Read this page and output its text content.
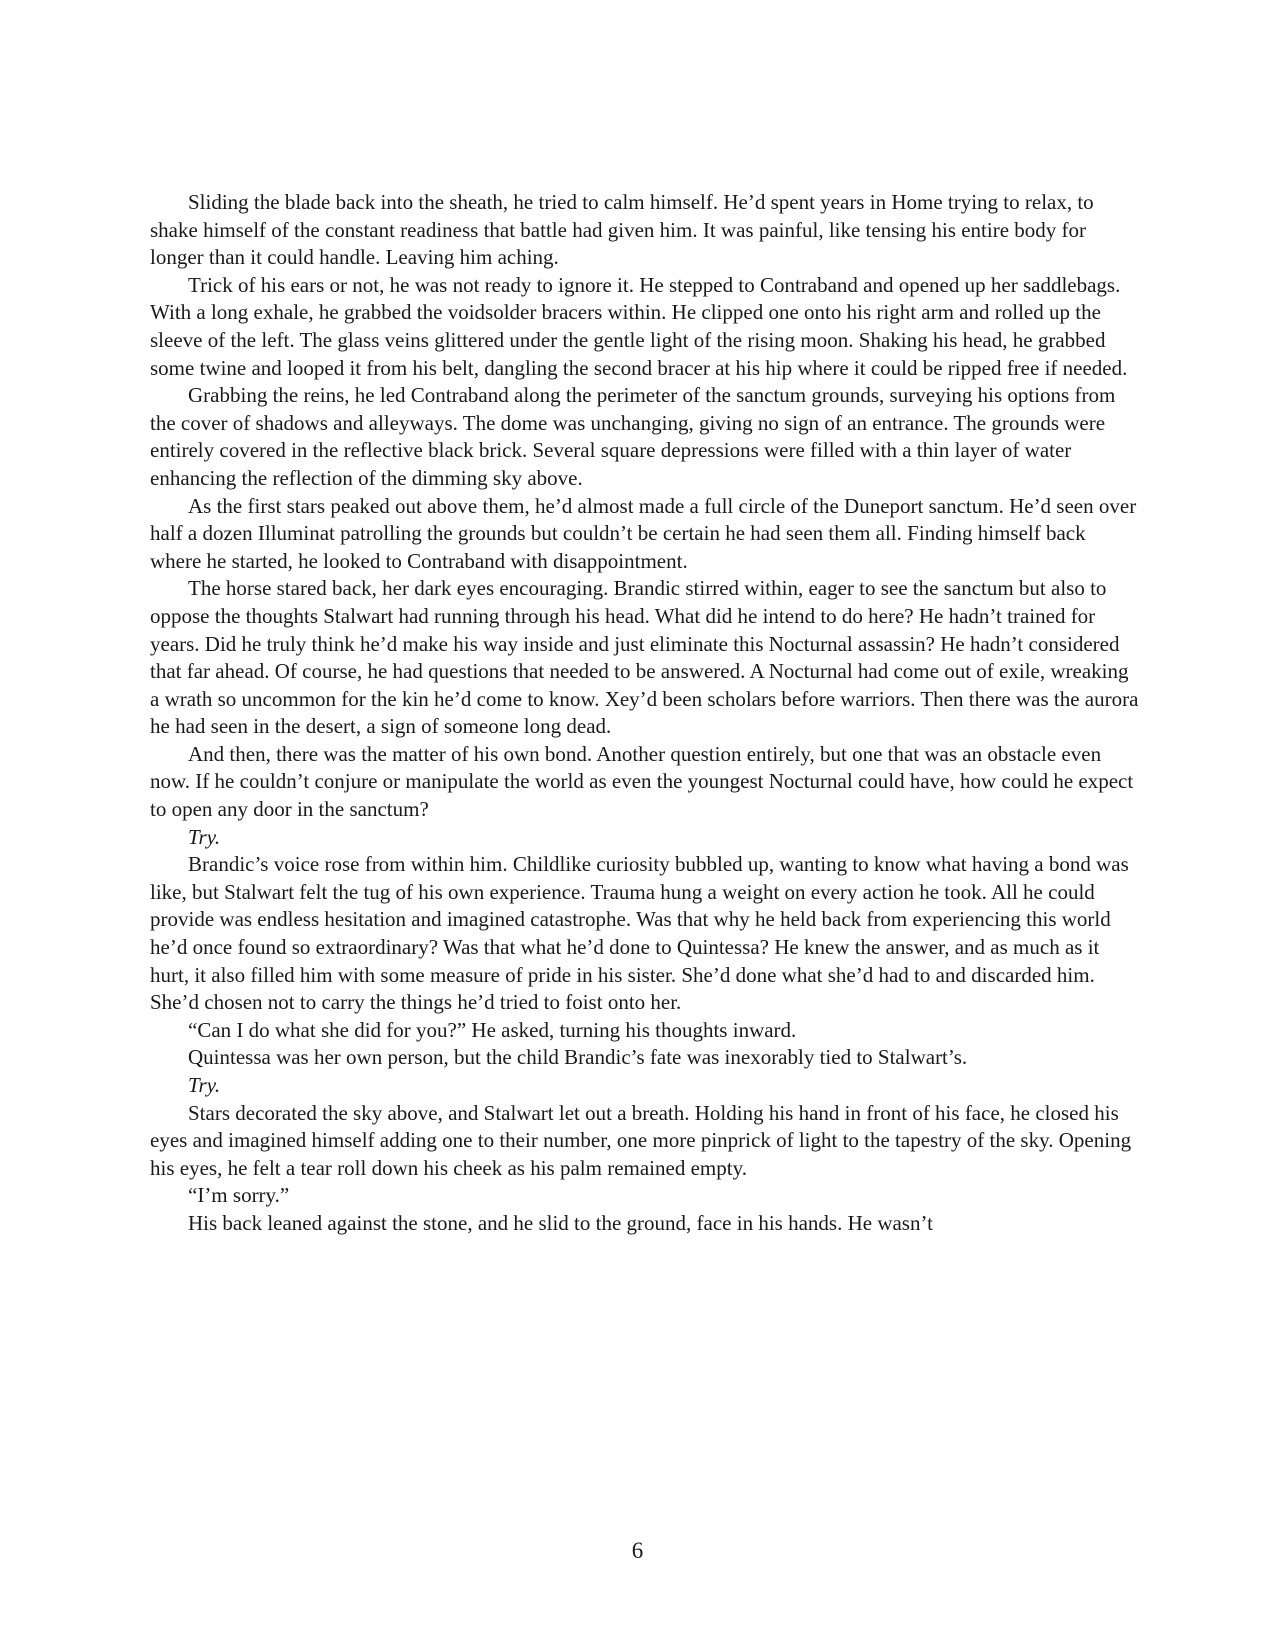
Sliding the blade back into the sheath, he tried to calm himself. He’d spent years in Home trying to relax, to shake himself of the constant readiness that battle had given him. It was painful, like tensing his entire body for longer than it could handle. Leaving him aching.

Trick of his ears or not, he was not ready to ignore it. He stepped to Contraband and opened up her saddlebags. With a long exhale, he grabbed the voidsolder bracers within. He clipped one onto his right arm and rolled up the sleeve of the left. The glass veins glittered under the gentle light of the rising moon. Shaking his head, he grabbed some twine and looped it from his belt, dangling the second bracer at his hip where it could be ripped free if needed.

Grabbing the reins, he led Contraband along the perimeter of the sanctum grounds, surveying his options from the cover of shadows and alleyways. The dome was unchanging, giving no sign of an entrance. The grounds were entirely covered in the reflective black brick. Several square depressions were filled with a thin layer of water enhancing the reflection of the dimming sky above.

As the first stars peaked out above them, he’d almost made a full circle of the Duneport sanctum. He’d seen over half a dozen Illuminat patrolling the grounds but couldn’t be certain he had seen them all. Finding himself back where he started, he looked to Contraband with disappointment.

The horse stared back, her dark eyes encouraging. Brandic stirred within, eager to see the sanctum but also to oppose the thoughts Stalwart had running through his head. What did he intend to do here? He hadn’t trained for years. Did he truly think he’d make his way inside and just eliminate this Nocturnal assassin? He hadn’t considered that far ahead. Of course, he had questions that needed to be answered. A Nocturnal had come out of exile, wreaking a wrath so uncommon for the kin he’d come to know. Xey’d been scholars before warriors. Then there was the aurora he had seen in the desert, a sign of someone long dead.

And then, there was the matter of his own bond. Another question entirely, but one that was an obstacle even now. If he couldn’t conjure or manipulate the world as even the youngest Nocturnal could have, how could he expect to open any door in the sanctum?

Try.

Brandic’s voice rose from within him. Childlike curiosity bubbled up, wanting to know what having a bond was like, but Stalwart felt the tug of his own experience. Trauma hung a weight on every action he took. All he could provide was endless hesitation and imagined catastrophe. Was that why he held back from experiencing this world he’d once found so extraordinary? Was that what he’d done to Quintessa? He knew the answer, and as much as it hurt, it also filled him with some measure of pride in his sister. She’d done what she’d had to and discarded him. She’d chosen not to carry the things he’d tried to foist onto her.

“Can I do what she did for you?” He asked, turning his thoughts inward.

Quintessa was her own person, but the child Brandic’s fate was inexorably tied to Stalwart’s.

Try.

Stars decorated the sky above, and Stalwart let out a breath. Holding his hand in front of his face, he closed his eyes and imagined himself adding one to their number, one more pinprick of light to the tapestry of the sky. Opening his eyes, he felt a tear roll down his cheek as his palm remained empty.

“I’m sorry.”

His back leaned against the stone, and he slid to the ground, face in his hands. He wasn’t

6
